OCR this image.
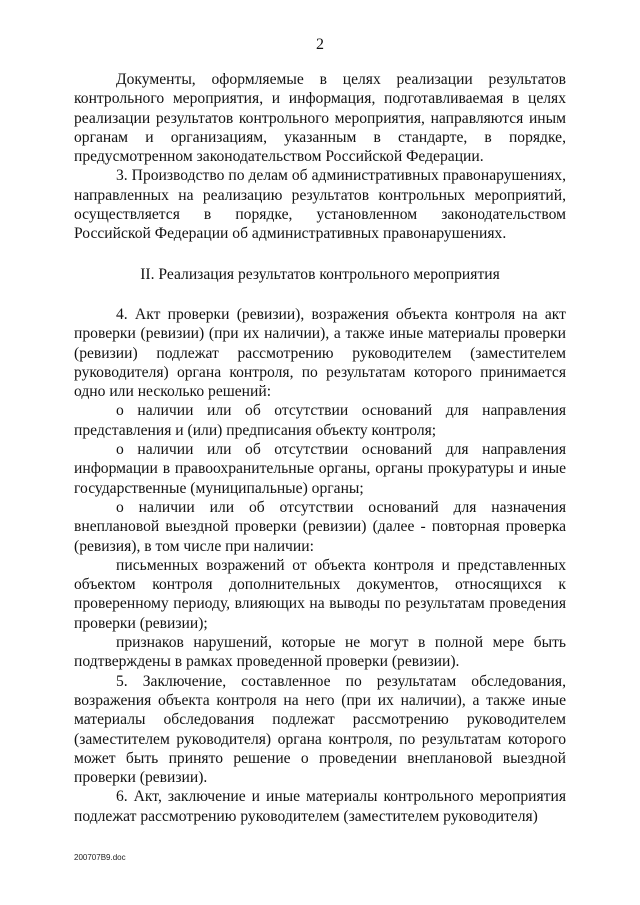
2

Документы, оформляемые в целях реализации результатов контрольного мероприятия, и информация, подготавливаемая в целях реализации результатов контрольного мероприятия, направляются иным органам и организациям, указанным в стандарте, в порядке, предусмотренном законодательством Российской Федерации.

3. Производство по делам об административных правонарушениях, направленных на реализацию результатов контрольных мероприятий, осуществляется в порядке, установленном законодательством Российской Федерации об административных правонарушениях.

II. Реализация результатов контрольного мероприятия

4. Акт проверки (ревизии), возражения объекта контроля на акт проверки (ревизии) (при их наличии), а также иные материалы проверки (ревизии) подлежат рассмотрению руководителем (заместителем руководителя) органа контроля, по результатам которого принимается одно или несколько решений:

о наличии или об отсутствии оснований для направления представления и (или) предписания объекту контроля;

о наличии или об отсутствии оснований для направления информации в правоохранительные органы, органы прокуратуры и иные государственные (муниципальные) органы;

о наличии или об отсутствии оснований для назначения внеплановой выездной проверки (ревизии) (далее - повторная проверка (ревизия), в том числе при наличии:

письменных возражений от объекта контроля и представленных объектом контроля дополнительных документов, относящихся к проверенному периоду, влияющих на выводы по результатам проведения проверки (ревизии);

признаков нарушений, которые не могут в полной мере быть подтверждены в рамках проведенной проверки (ревизии).

5. Заключение, составленное по результатам обследования, возражения объекта контроля на него (при их наличии), а также иные материалы обследования подлежат рассмотрению руководителем (заместителем руководителя) органа контроля, по результатам которого может быть принято решение о проведении внеплановой выездной проверки (ревизии).

6. Акт, заключение и иные материалы контрольного мероприятия подлежат рассмотрению руководителем (заместителем руководителя)

200707B9.doc
